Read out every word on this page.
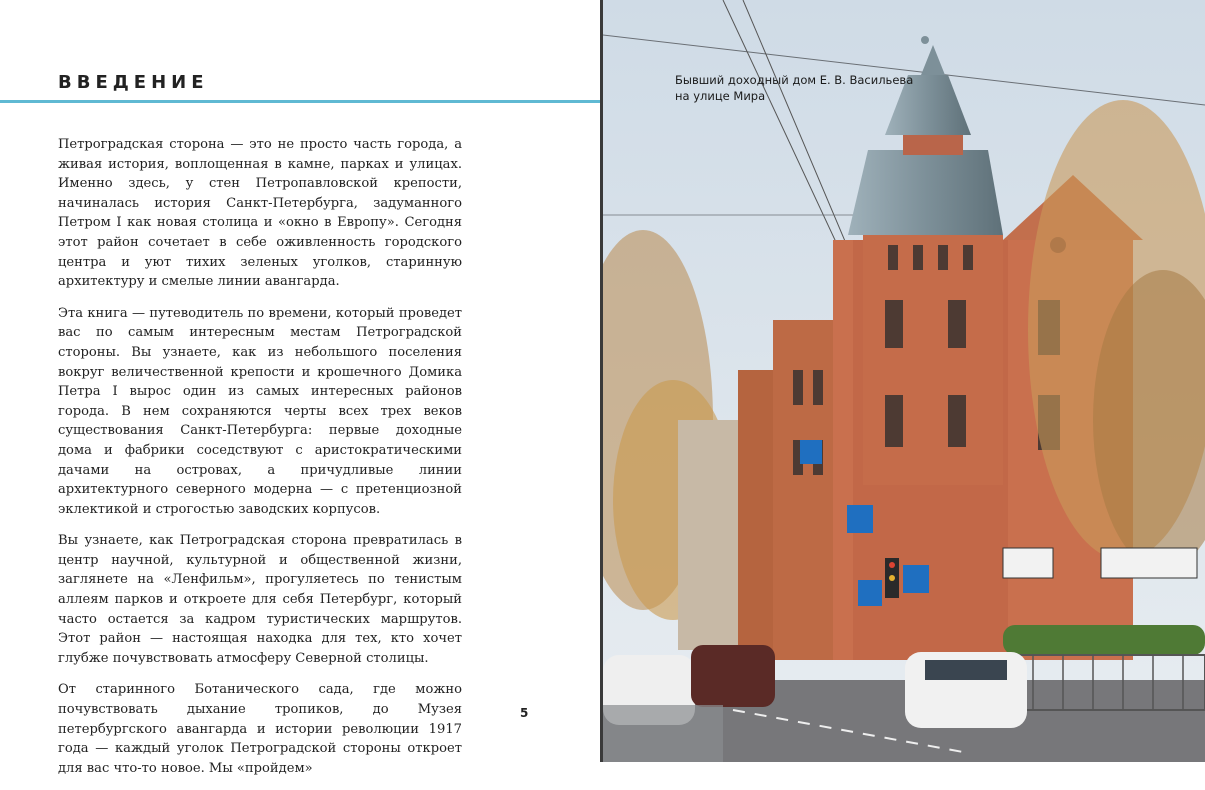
ВВЕДЕНИЕ

Петроградская сторона — это не просто часть города, а живая история, воплощенная в камне, парках и улицах. Именно здесь, у стен Петропавловской крепости, начиналась история Санкт-Петербурга, задуманного Петром I как новая столица и «окно в Европу». Сегодня этот район сочетает в себе оживленность городского центра и уют тихих зеленых уголков, старинную архитектуру и смелые линии авангарда.

Эта книга — путеводитель по времени, который проведет вас по самым интересным местам Петроградской стороны. Вы узнаете, как из небольшого поселения вокруг величественной крепости и крошечного Домика Петра I вырос один из самых интересных районов города. В нем сохраняются черты всех трех веков существования Санкт-Петербурга: первые доходные дома и фабрики соседствуют с аристократическими дачами на островах, а причудливые линии архитектурного северного модерна — с претенциозной эклектикой и строгостью заводских корпусов.

Вы узнаете, как Петроградская сторона превратилась в центр научной, культурной и общественной жизни, заглянете на «Ленфильм», прогуляетесь по тенистым аллеям парков и откроете для себя Петербург, который часто остается за кадром туристических маршрутов. Этот район — настоящая находка для тех, кто хочет глубже почувствовать атмосферу Северной столицы.

От старинного Ботанического сада, где можно почувствовать дыхание тропиков, до Музея петербургского авангарда и истории революции 1917 года — каждый уголок Петроградской стороны откроет для вас что-то новое. Мы «пройдем»

5
Бывший доходный дом Е. В. Васильева
на улице Мира
